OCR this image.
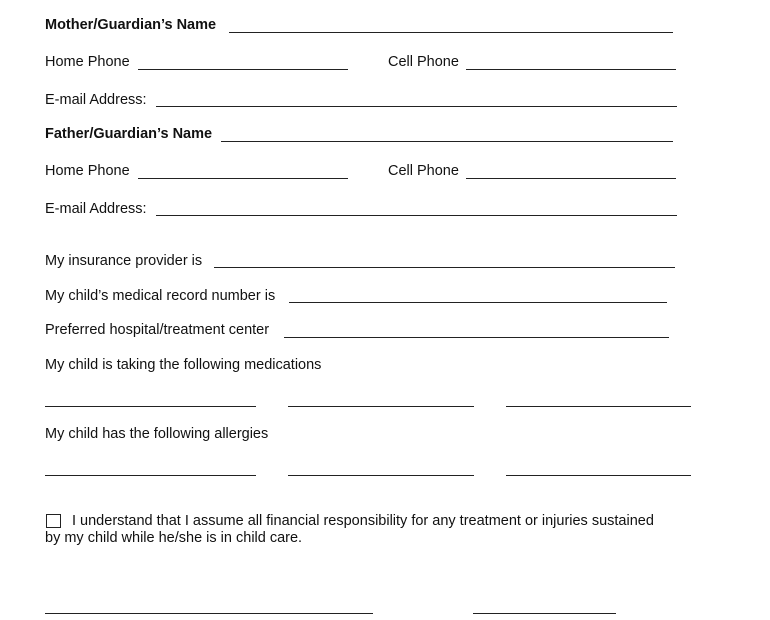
Mother/Guardian’s Name
Home Phone	Cell Phone
E-mail Address:
Father/Guardian’s Name
Home Phone	Cell Phone
E-mail Address:
My insurance provider is
My child’s medical record number is
Preferred hospital/treatment center
My child is taking the following medications
My child has the following allergies
I understand that I assume all financial responsibility for any treatment or injuries sustained
by my child while he/she is in child care.
